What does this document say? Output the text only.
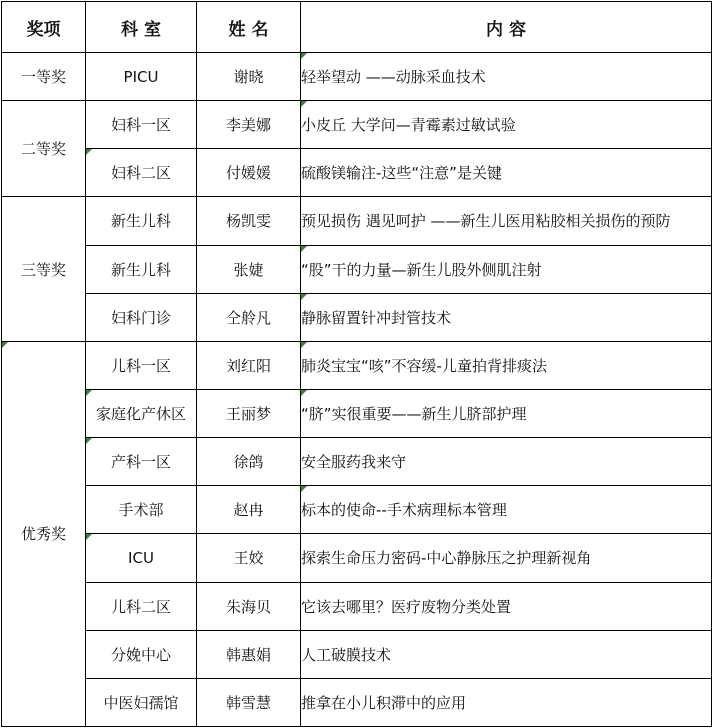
奖项	科 室	姓 名	内 容
一等奖	PICU	谢晓	轻举望动 ——动脉采血技术
二等奖	妇科一区	李美娜	小皮丘 大学问—青霉素过敏试验
	妇科二区	付媛媛	硫酸镁输注-这些“注意”是关键
三等奖	新生儿科	杨凯雯	预见损伤 遇见呵护 ——新生儿医用粘胶相关损伤的预防
	新生儿科	张婕	“股”干的力量—新生儿股外侧肌注射
	妇科门诊	仝舲凡	静脉留置针冲封管技术
优秀奖	儿科一区	刘红阳	肺炎宝宝“咳”不容缓-儿童拍背排痰法
	家庭化产休区	王丽梦	“脐”实很重要——新生儿脐部护理
	产科一区	徐鸽	安全服药我来守
	手术部	赵冉	标本的使命--手术病理标本管理
	ICU	王姣	探索生命压力密码-中心静脉压之护理新视角
	儿科二区	朱海贝	它该去哪里？医疗废物分类处置
	分娩中心	韩惠娟	人工破膜技术
	中医妇孺馆	韩雪慧	推拿在小儿积滞中的应用
